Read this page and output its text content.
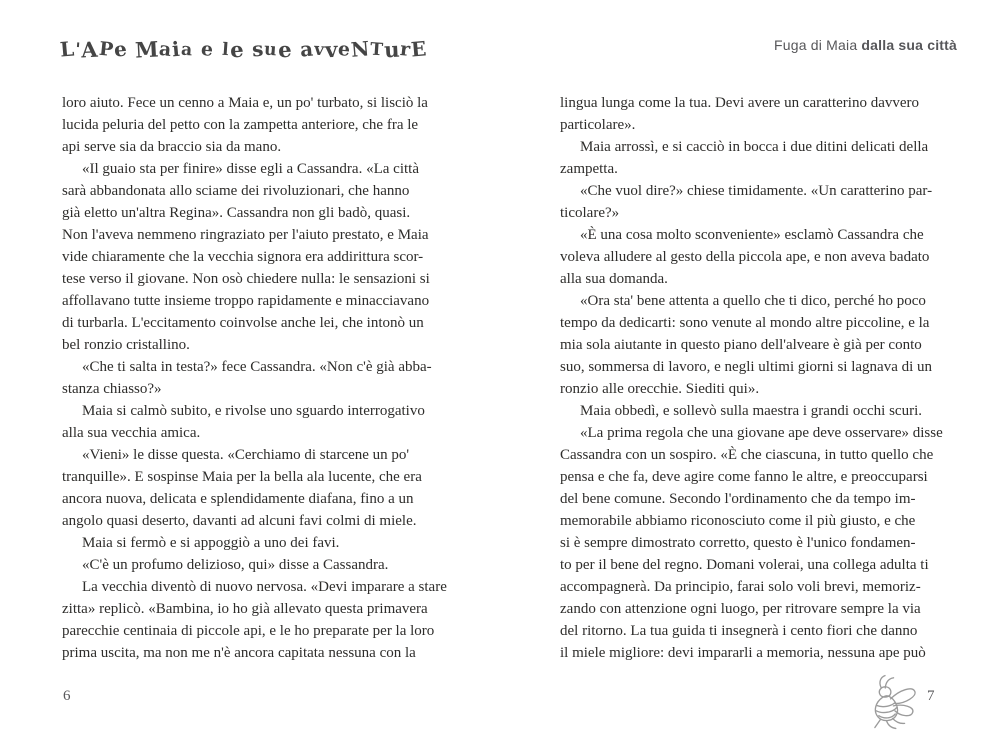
L'APe Maia e le sue avveNTurE	Fuga di Maia dalla sua città
loro aiuto. Fece un cenno a Maia e, un po' turbato, si lisciò la
lucida peluria del petto con la zampetta anteriore, che fra le
api serve sia da braccio sia da mano.
«Il guaio sta per finire» disse egli a Cassandra. «La città
sarà abbandonata allo sciame dei rivoluzionari, che hanno
già eletto un'altra Regina». Cassandra non gli badò, quasi.
Non l'aveva nemmeno ringraziato per l'aiuto prestato, e Maia
vide chiaramente che la vecchia signora era addirittura scor-
tese verso il giovane. Non osò chiedere nulla: le sensazioni si
affollavano tutte insieme troppo rapidamente e minacciavano
di turbarla. L'eccitamento coinvolse anche lei, che intonò un
bel ronzio cristallino.
«Che ti salta in testa?» fece Cassandra. «Non c'è già abba-
stanza chiasso?»
Maia si calmò subito, e rivolse uno sguardo interrogativo
alla sua vecchia amica.
«Vieni» le disse questa. «Cerchiamo di starcene un po'
tranquille». E sospinse Maia per la bella ala lucente, che era
ancora nuova, delicata e splendidamente diafana, fino a un
angolo quasi deserto, davanti ad alcuni favi colmi di miele.
Maia si fermò e si appoggiò a uno dei favi.
«C'è un profumo delizioso, qui» disse a Cassandra.
La vecchia diventò di nuovo nervosa. «Devi imparare a stare
zitta» replicò. «Bambina, io ho già allevato questa primavera
parecchie centinaia di piccole api, e le ho preparate per la loro
prima uscita, ma non me n'è ancora capitata nessuna con la
lingua lunga come la tua. Devi avere un caratterino davvero
particolare».
Maia arrossì, e si cacciò in bocca i due ditini delicati della
zampetta.
«Che vuol dire?» chiese timidamente. «Un caratterino par-
ticolare?»
«È una cosa molto sconveniente» esclamò Cassandra che
voleva alludere al gesto della piccola ape, e non aveva badato
alla sua domanda.
«Ora sta' bene attenta a quello che ti dico, perché ho poco
tempo da dedicarti: sono venute al mondo altre piccoline, e la
mia sola aiutante in questo piano dell'alveare è già per conto
suo, sommersa di lavoro, e negli ultimi giorni si lagnava di un
ronzio alle orecchie. Siediti qui».
Maia obbedì, e sollevò sulla maestra i grandi occhi scuri.
«La prima regola che una giovane ape deve osservare» disse
Cassandra con un sospiro. «È che ciascuna, in tutto quello che
pensa e che fa, deve agire come fanno le altre, e preoccuparsi
del bene comune. Secondo l'ordinamento che da tempo im-
memorabile abbiamo riconosciuto come il più giusto, e che
si è sempre dimostrato corretto, questo è l'unico fondamen-
to per il bene del regno. Domani volerai, una collega adulta ti
accompagnerà. Da principio, farai solo voli brevi, memoriz-
zando con attenzione ogni luogo, per ritrovare sempre la via
del ritorno. La tua guida ti insegnerà i cento fiori che danno
il miele migliore: devi impararli a memoria, nessuna ape può
6	7
